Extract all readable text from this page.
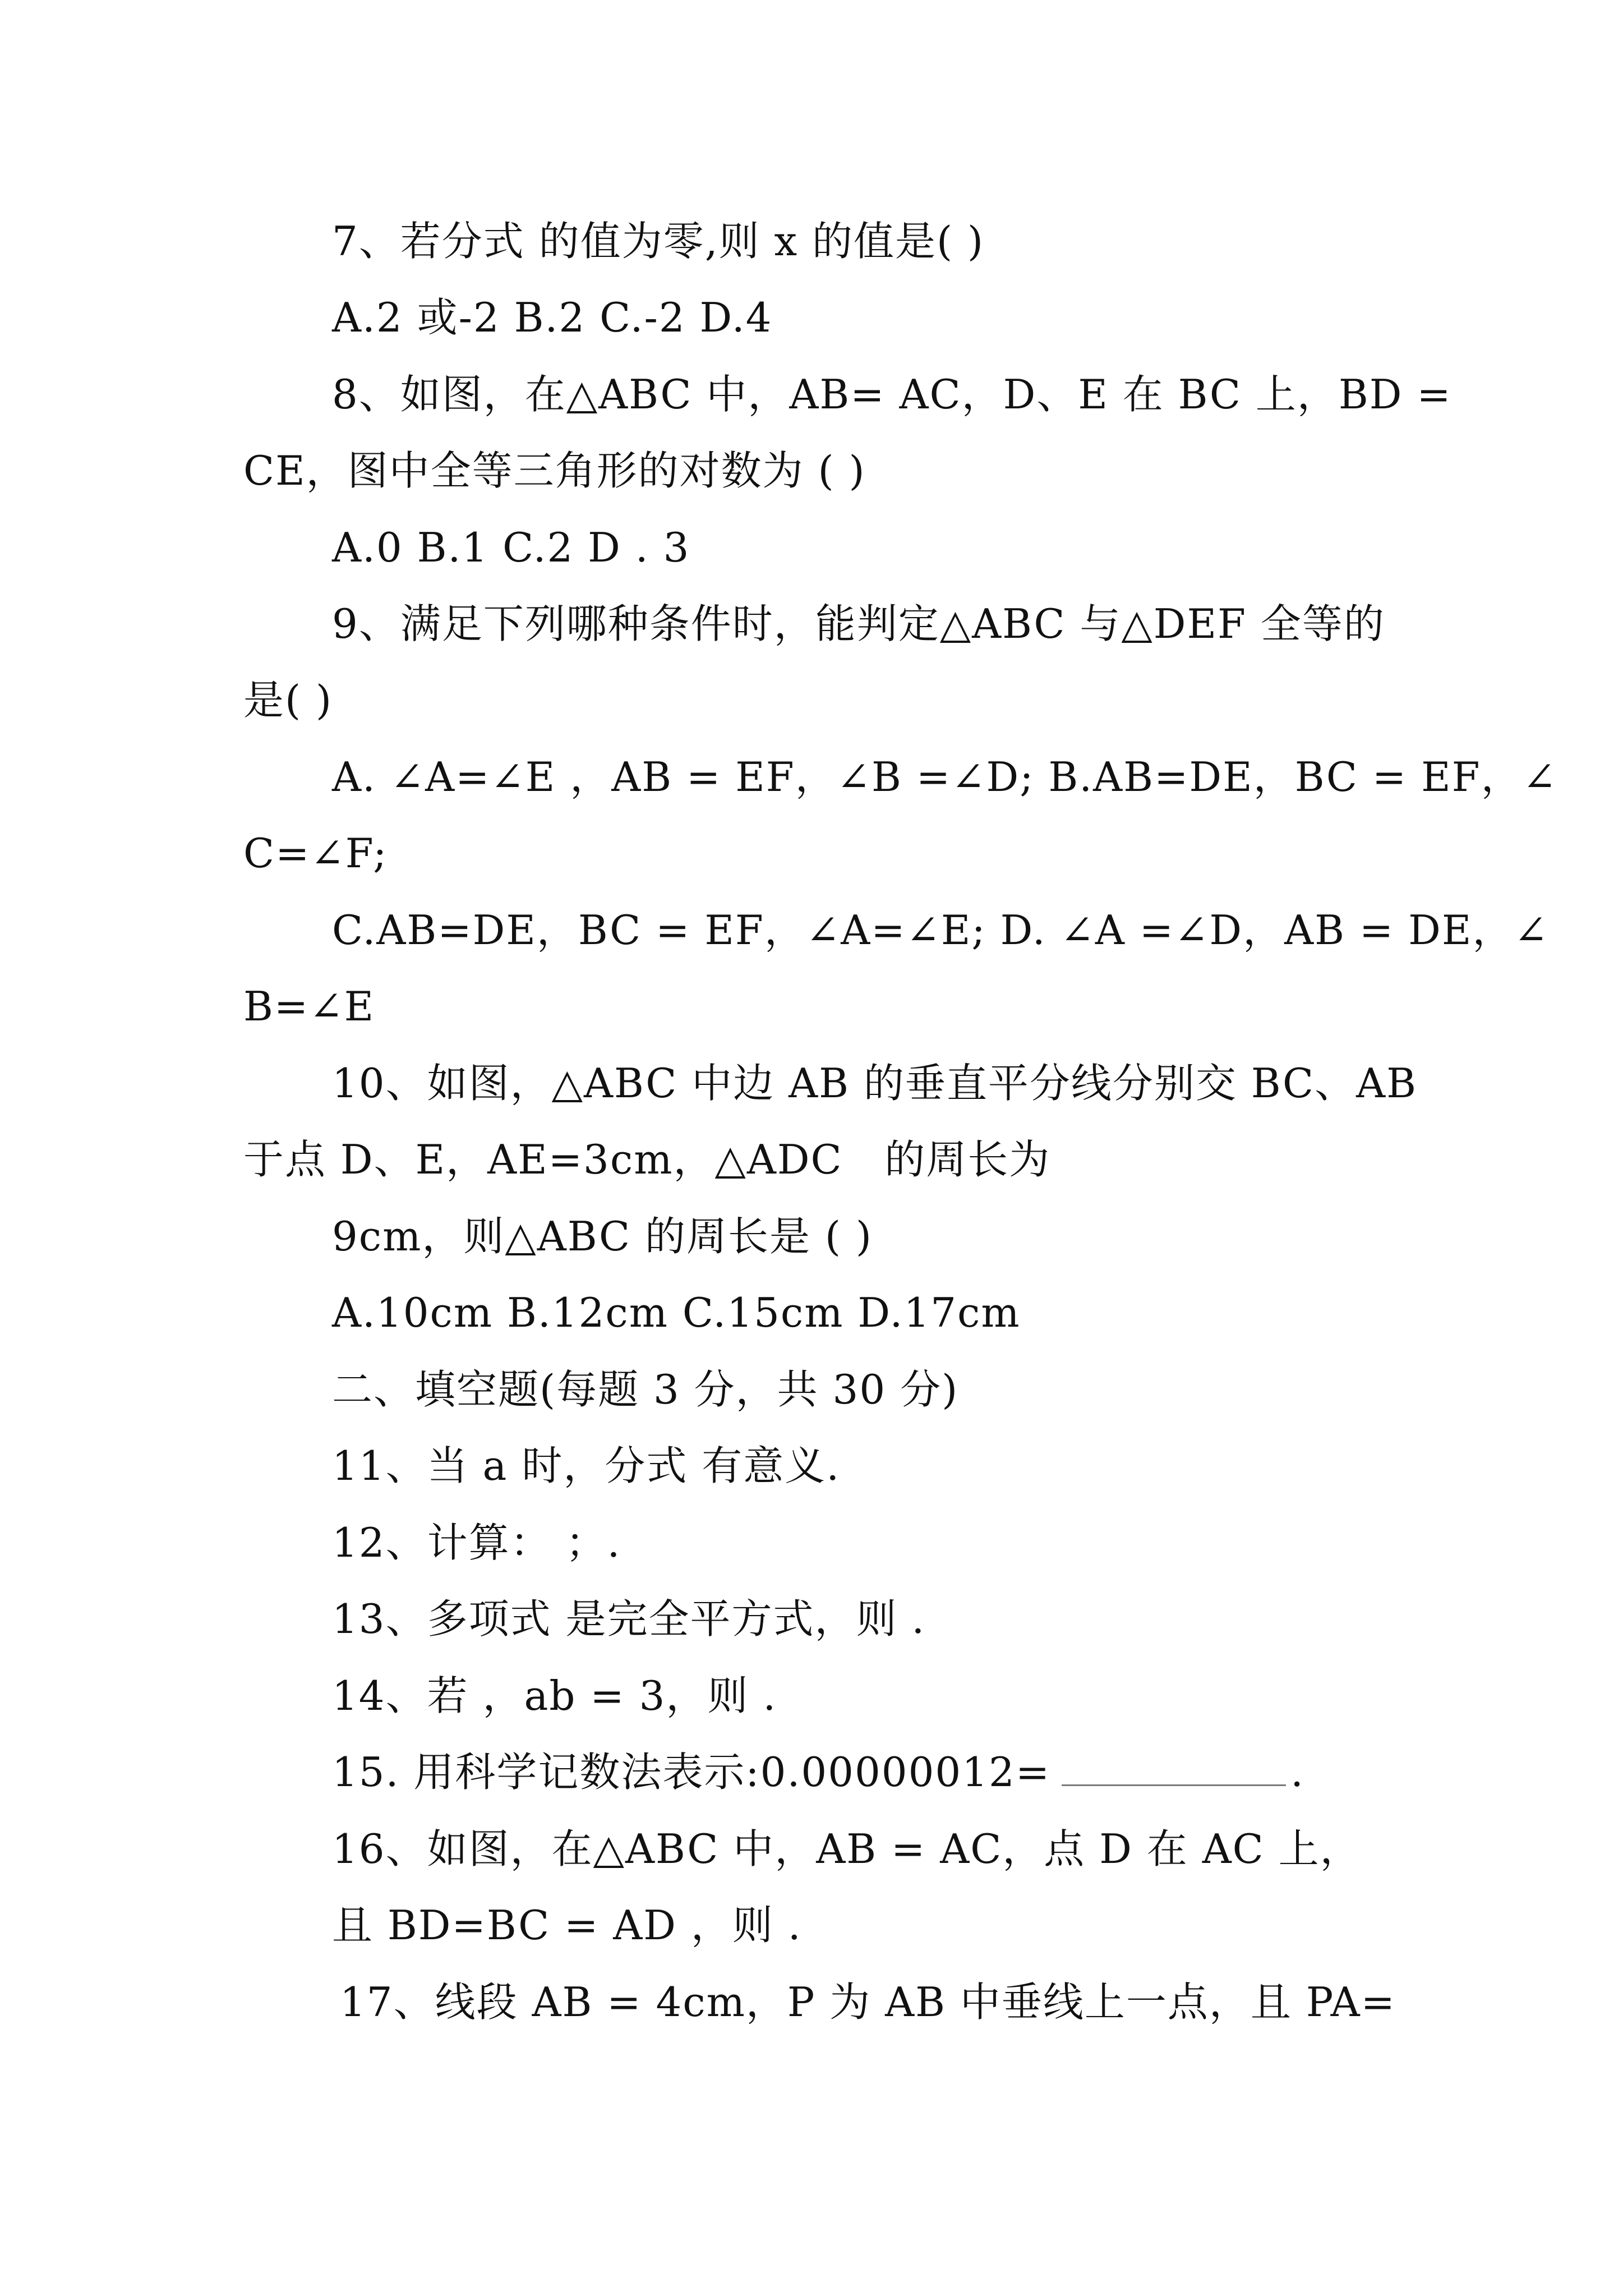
7、若分式 的值为零,则 x 的值是( )
A.2 或-2 B.2 C.-2 D.4
8、如图，在△ABC 中，AB= AC，D、E 在 BC 上，BD =
CE，图中全等三角形的对数为 ( )
A.0 B.1 C.2 D . 3
9、满足下列哪种条件时，能判定△ABC 与△DEF 全等的
是( )
A. ∠A=∠E ，AB = EF，∠B =∠D; B.AB=DE，BC = EF，∠
C=∠F;
C.AB=DE，BC = EF，∠A=∠E; D. ∠A =∠D，AB = DE，∠
B=∠E
10、如图，△ABC 中边 AB 的垂直平分线分别交 BC、AB
于点 D、E，AE=3cm，△ADC   的周长为
9cm，则△ABC 的周长是 ( )
A.10cm B.12cm C.15cm D.17cm
二、填空题(每题 3 分，共 30 分)
11、当 a 时，分式 有意义.
12、计算： ；.
13、多项式 是完全平方式，则 .
14、若 ，ab = 3，则 .
15. 用科学记数法表示:0.00000012=	.
16、如图，在△ABC 中，AB = AC，点 D 在 AC 上，
且 BD=BC = AD ，则 .
17、线段 AB = 4cm，P 为 AB 中垂线上一点，且 PA=
